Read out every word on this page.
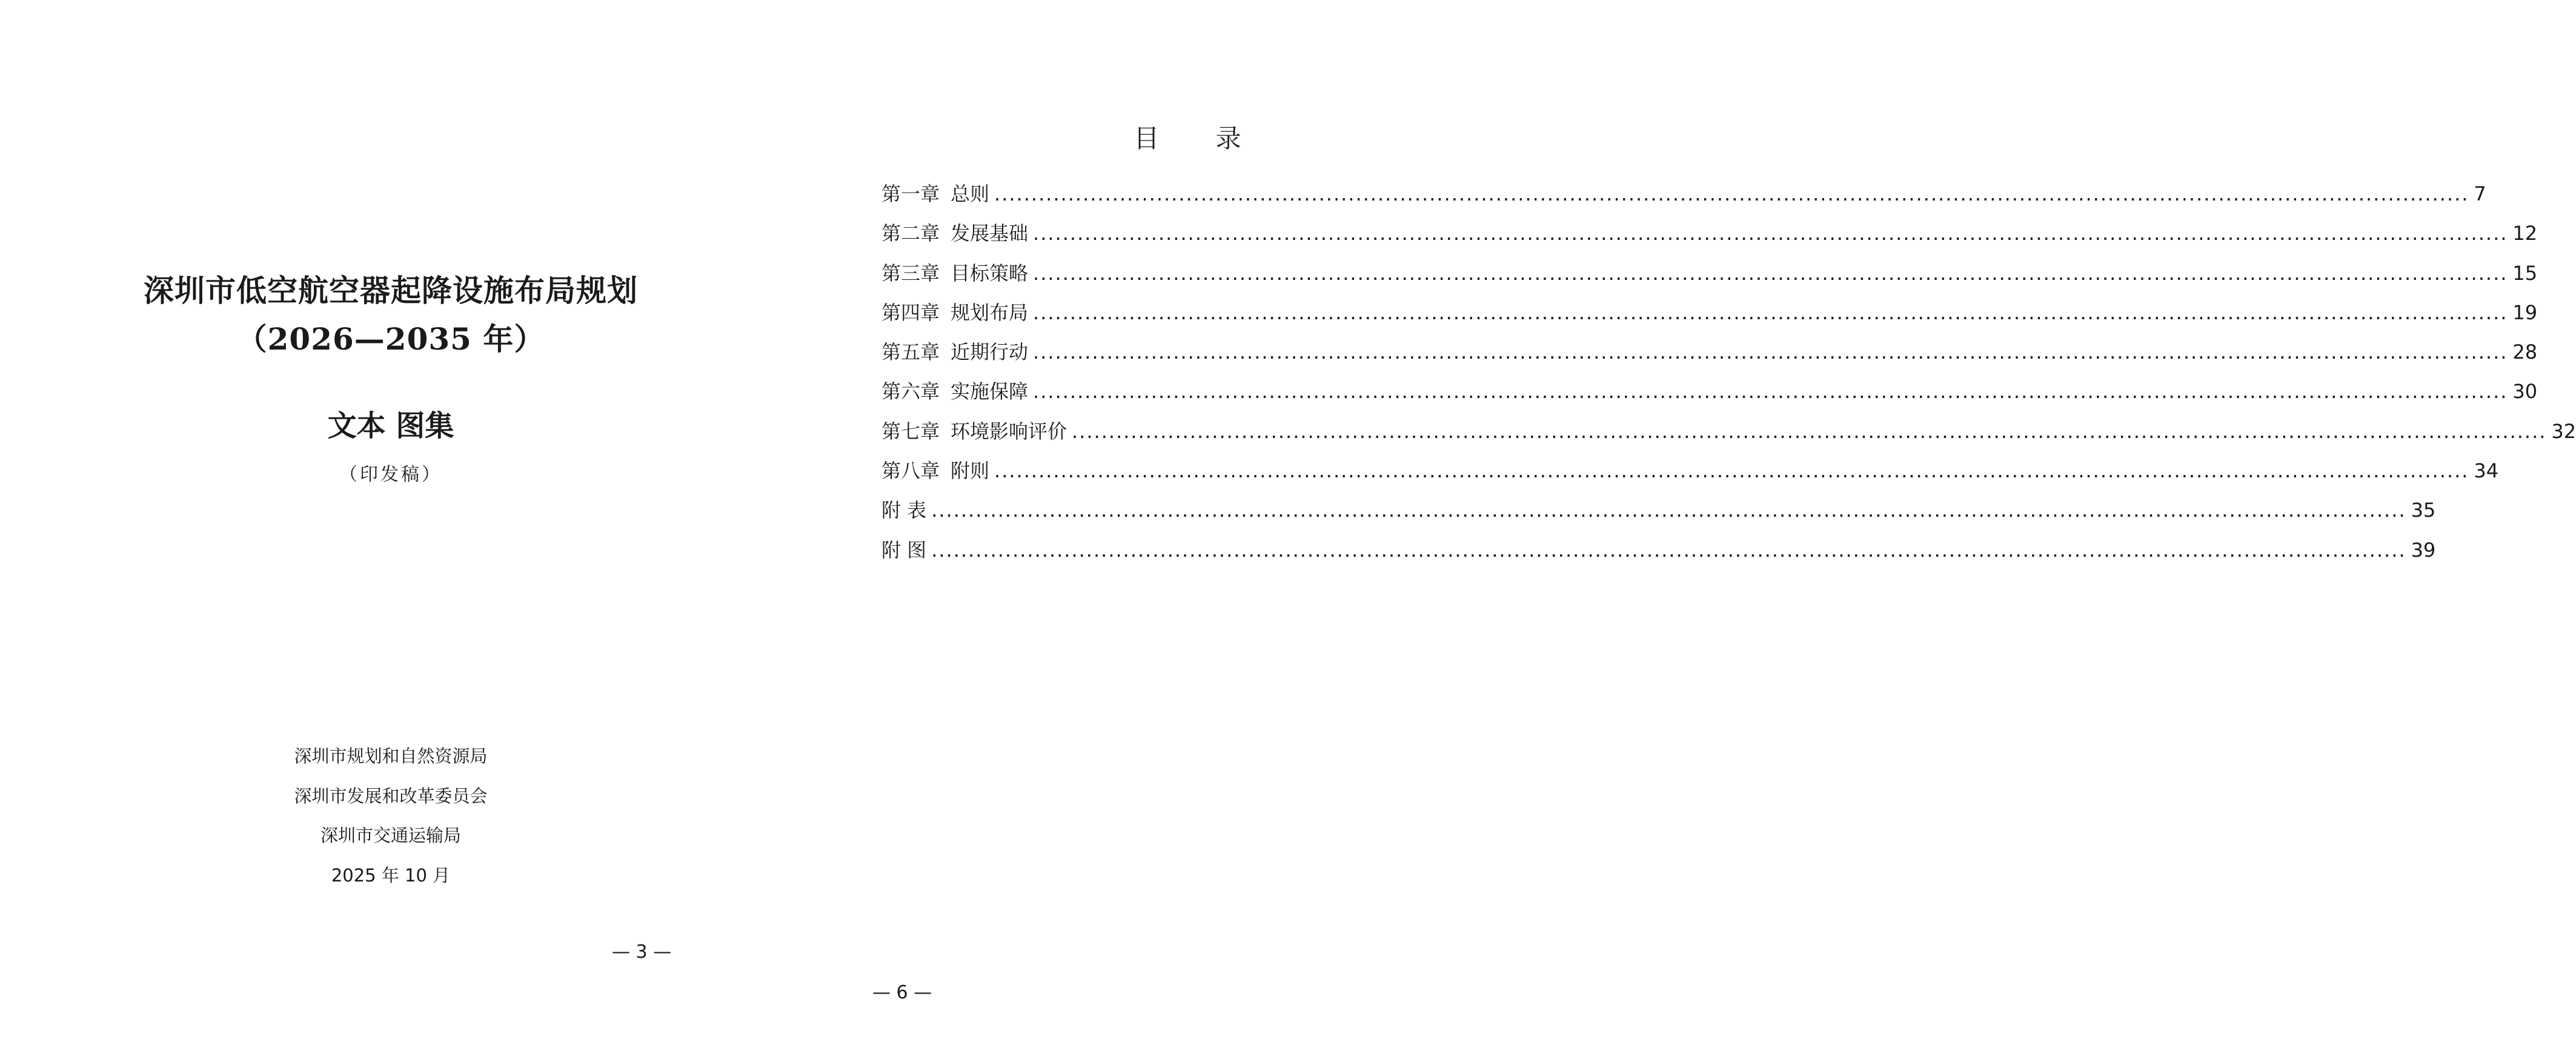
深圳市低空航空器起降设施布局规划
（2026—2035 年）
文本 图集
（印发稿）
深圳市规划和自然资源局
深圳市发展和改革委员会
深圳市交通运输局
2025 年 10 月
— 3 —
目 录
第一章 总则 .....	7
第二章 发展基础 .....	12
第三章 目标策略 .....	15
第四章 规划布局 .....	19
第五章 近期行动 .....	28
第六章 实施保障 .....	30
第七章 环境影响评价 .....	32
第八章 附则 .....	34
附 表 .....	35
附 图 .....	39
— 6 —
